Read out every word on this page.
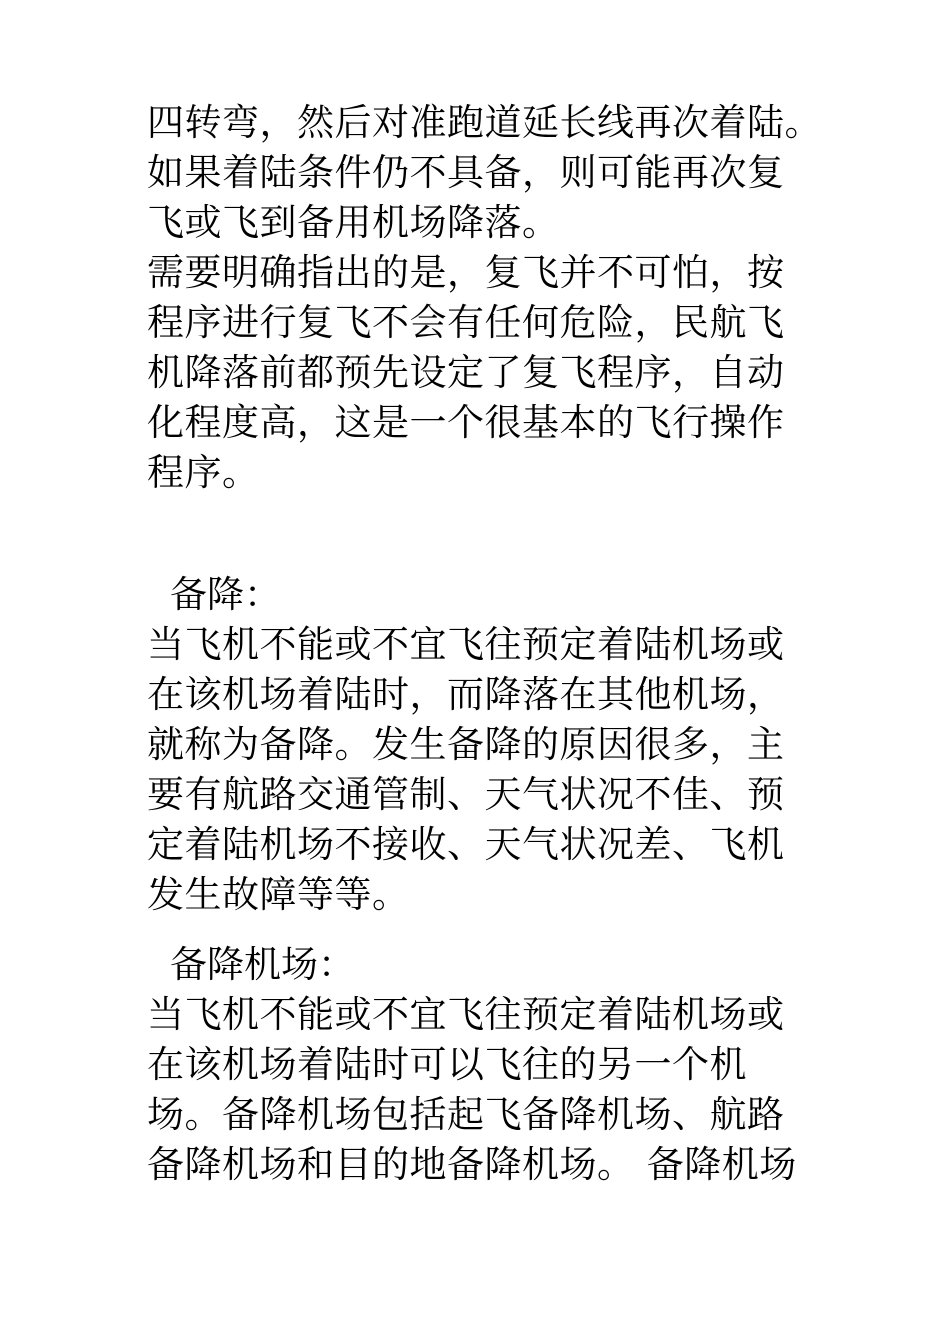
四转弯，然后对准跑道延长线再次着陆。
如果着陆条件仍不具备，则可能再次复
飞或飞到备用机场降落。
需要明确指出的是，复飞并不可怕，按
程序进行复飞不会有任何危险，民航飞
机降落前都预先设定了复飞程序，自动
化程度高，这是一个很基本的飞行操作
程序。
备降：
当飞机不能或不宜飞往预定着陆机场或
在该机场着陆时，而降落在其他机场，
就称为备降。发生备降的原因很多，主
要有航路交通管制、天气状况不佳、预
定着陆机场不接收、天气状况差、飞机
发生故障等等。
备降机场：
当飞机不能或不宜飞往预定着陆机场或
在该机场着陆时可以飞往的另一个机
场。备降机场包括起飞备降机场、航路
备降机场和目的地备降机场。 备降机场
